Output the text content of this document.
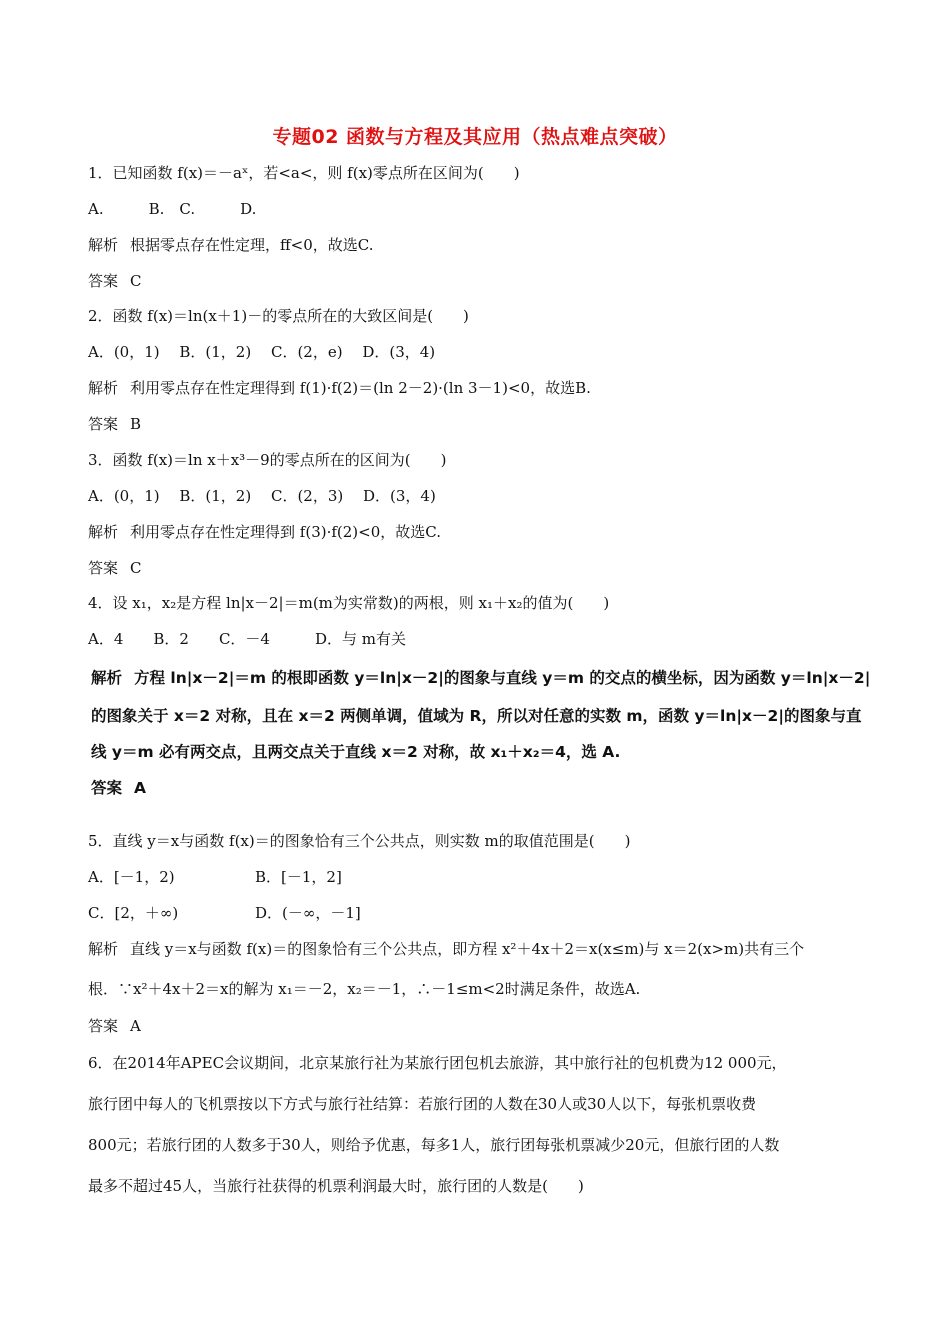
专题02 函数与方程及其应用（热点难点突破）
1．已知函数 f(x)＝－aˣ，若<a<，则 f(x)零点所在区间为(　　)
A.　　　B.　C.　　　D.
解析 根据零点存在性定理，ff<0，故选C.
答案 C
2．函数 f(x)＝ln(x＋1)－的零点所在的大致区间是(　　)
A．(0，1)　 B．(1，2)　 C．(2，e)　 D．(3，4)
解析 利用零点存在性定理得到 f(1)·f(2)＝(ln 2－2)·(ln 3－1)<0，故选B.
答案 B
3．函数 f(x)＝ln x＋x³－9的零点所在的区间为(　　)
A．(0，1)　 B．(1，2)　 C．(2，3)　 D．(3，4)
解析 利用零点存在性定理得到 f(3)·f(2)<0，故选C.
答案 C
4．设 x₁，x₂是方程 ln|x－2|＝m(m为实常数)的两根，则 x₁＋x₂的值为(　　)
A．4　　B．2　　C．－4　　　D．与 m有关
解析 方程 ln|x－2|＝m 的根即函数 y＝ln|x－2|的图象与直线 y＝m 的交点的横坐标，因为函数 y＝ln|x－2|
的图象关于 x＝2 对称，且在 x＝2 两侧单调，值域为 R，所以对任意的实数 m，函数 y＝ln|x－2|的图象与直
线 y＝m 必有两交点，且两交点关于直线 x＝2 对称，故 x₁＋x₂＝4，选 A.
答案 A
5．直线 y＝x与函数 f(x)＝的图象恰有三个公共点，则实数 m的取值范围是(　　)
A．[－1，2)	B．[－1，2]
C．[2，＋∞)	D．(－∞，－1]
解析 直线 y＝x与函数 f(x)＝的图象恰有三个公共点，即方程 x²＋4x＋2＝x(x≤m)与 x＝2(x>m)共有三个
根．∵x²＋4x＋2＝x的解为 x₁＝－2，x₂＝－1，∴－1≤m<2时满足条件，故选A.
答案 A
6．在2014年APEC会议期间，北京某旅行社为某旅行团包机去旅游，其中旅行社的包机费为12 000元，
旅行团中每人的飞机票按以下方式与旅行社结算：若旅行团的人数在30人或30人以下，每张机票收费
800元；若旅行团的人数多于30人，则给予优惠，每多1人，旅行团每张机票减少20元，但旅行团的人数
最多不超过45人，当旅行社获得的机票利润最大时，旅行团的人数是(　　)
